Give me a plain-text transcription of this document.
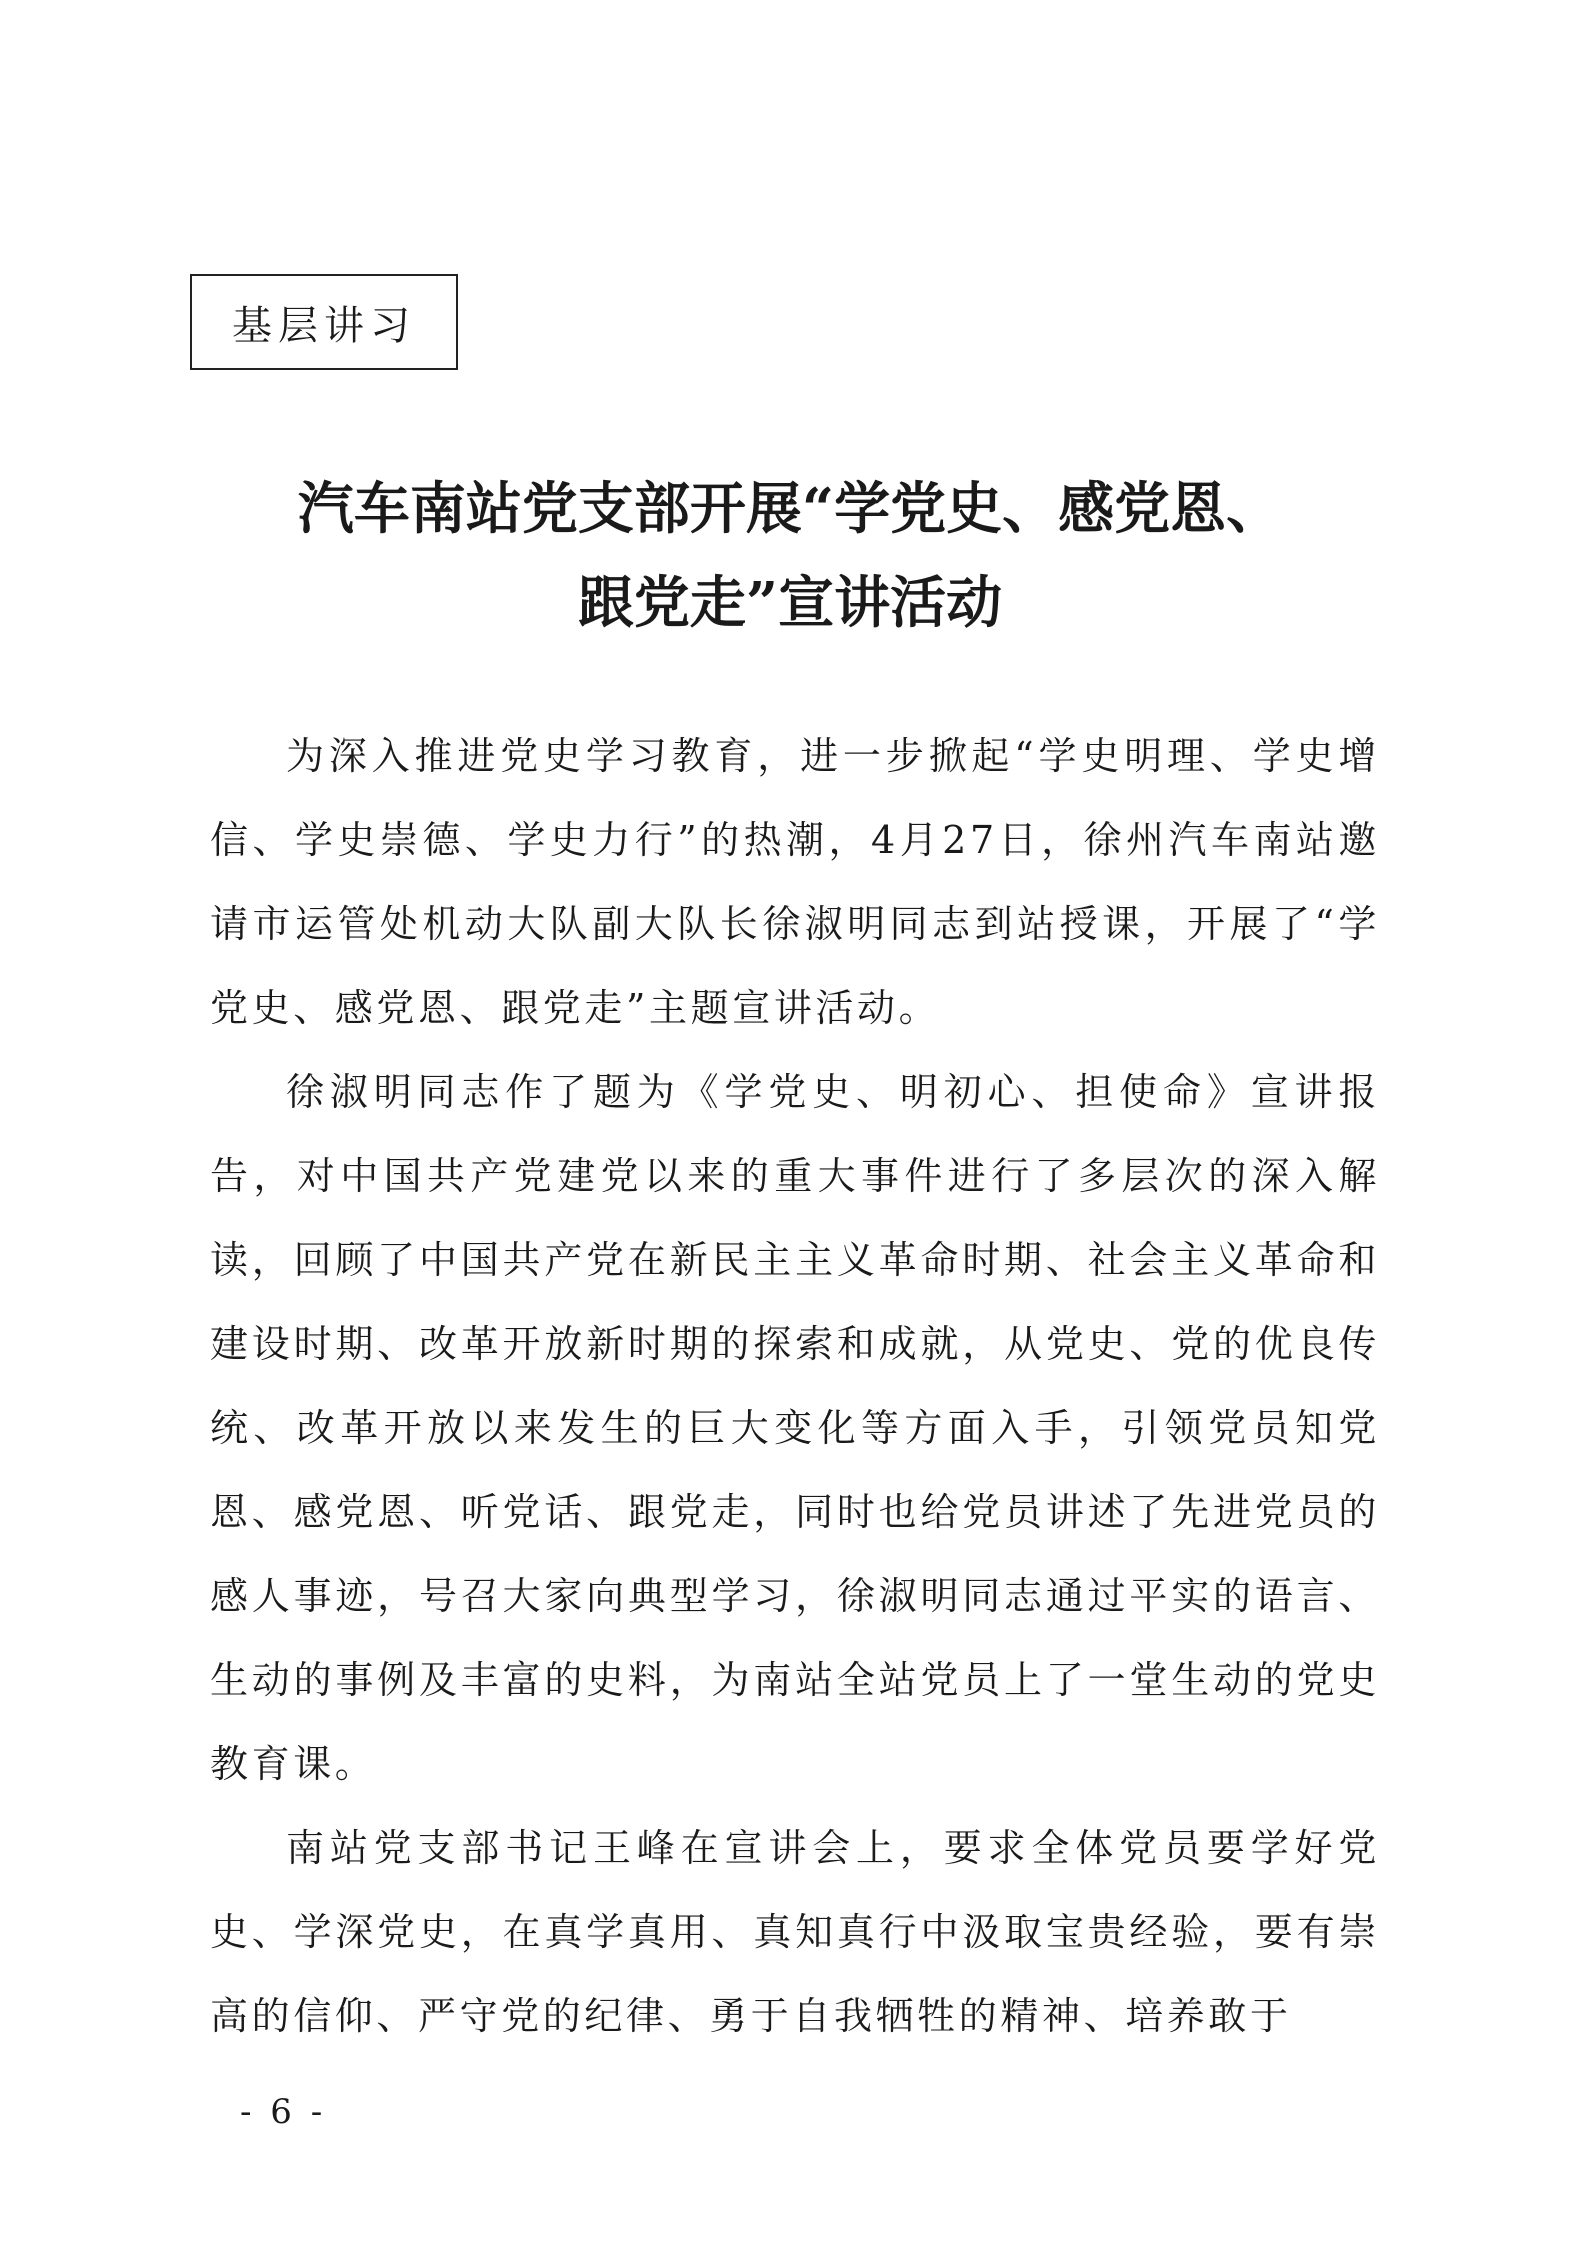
基层讲习
汽车南站党支部开展“学党史、感党恩、
跟党走”宣讲活动

为深入推进党史学习教育，进一步掀起“学史明理、学史增信、学史崇德、学史力行”的热潮，4月27日，徐州汽车南站邀请市运管处机动大队副大队长徐淑明同志到站授课，开展了“学党史、感党恩、跟党走”主题宣讲活动。

徐淑明同志作了题为《学党史、明初心、担使命》宣讲报告，对中国共产党建党以来的重大事件进行了多层次的深入解读，回顾了中国共产党在新民主主义革命时期、社会主义革命和建设时期、改革开放新时期的探索和成就，从党史、党的优良传统、改革开放以来发生的巨大变化等方面入手，引领党员知党恩、感党恩、听党话、跟党走，同时也给党员讲述了先进党员的感人事迹，号召大家向典型学习，徐淑明同志通过平实的语言、生动的事例及丰富的史料，为南站全站党员上了一堂生动的党史教育课。

南站党支部书记王峰在宣讲会上，要求全体党员要学好党史、学深党史，在真学真用、真知真行中汲取宝贵经验，要有崇高的信仰、严守党的纪律、勇于自我牺牲的精神、培养敢于

- 6 -
